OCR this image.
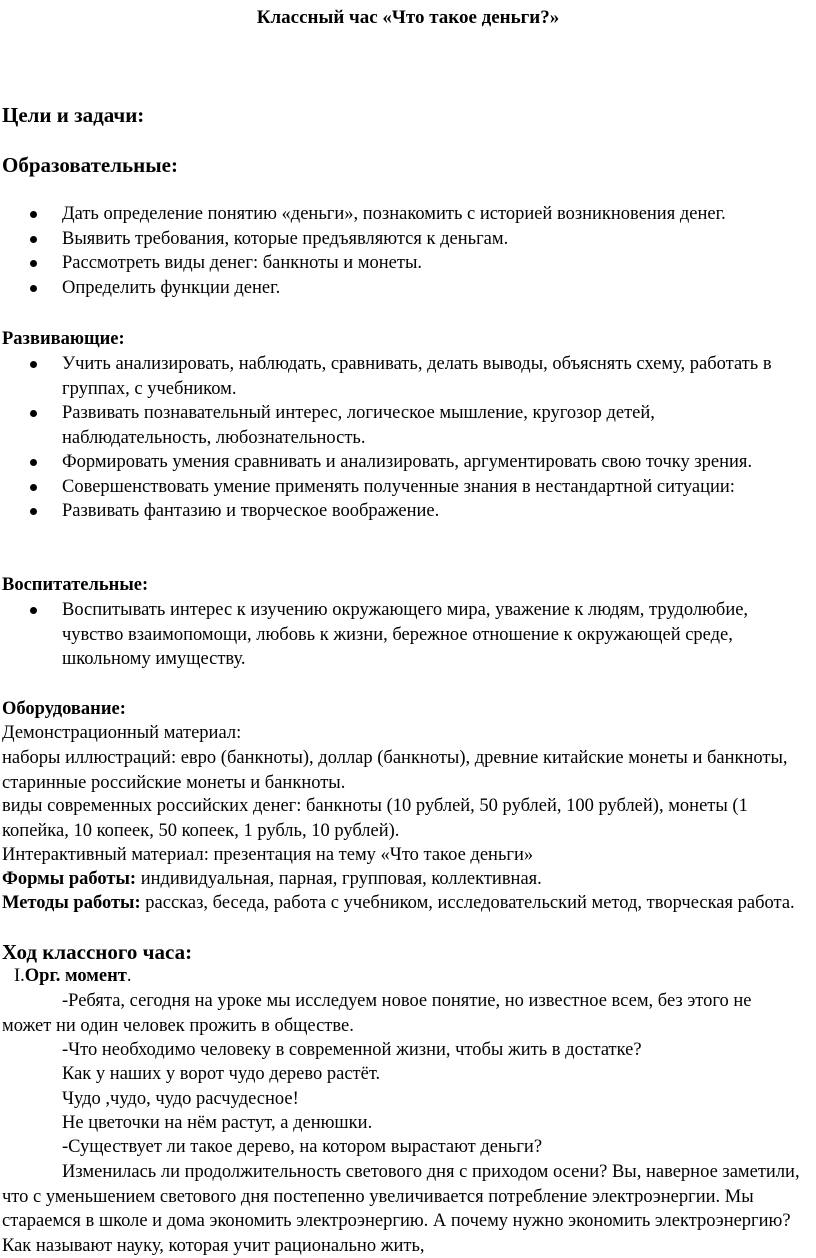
Классный час «Что такое деньги?»
Цели и задачи:
Образовательные:
Дать определение понятию «деньги», познакомить с историей возникновения денег.
Выявить требования, которые предъявляются к деньгам.
Рассмотреть виды денег: банкноты и монеты.
Определить функции денег.
Развивающие:
Учить анализировать, наблюдать, сравнивать, делать выводы, объяснять схему, работать в группах, с учебником.
Развивать познавательный интерес, логическое мышление, кругозор детей, наблюдательность, любознательность.
Формировать умения сравнивать и анализировать, аргументировать свою точку зрения.
Совершенствовать умение применять полученные знания в нестандартной ситуации:
Развивать фантазию и творческое воображение.
Воспитательные:
Воспитывать интерес к изучению окружающего мира, уважение к людям, трудолюбие, чувство взаимопомощи, любовь к жизни, бережное отношение к окружающей среде, школьному имуществу.
Оборудование:
Демонстрационный материал:
наборы иллюстраций: евро (банкноты), доллар (банкноты), древние китайские монеты и банкноты, старинные российские монеты и банкноты.
виды современных российских денег: банкноты (10 рублей, 50 рублей, 100 рублей), монеты (1 копейка, 10 копеек, 50 копеек, 1 рубль, 10 рублей).
Интерактивный материал: презентация на тему «Что такое деньги»
Формы работы: индивидуальная, парная, групповая, коллективная.
Методы работы: рассказ, беседа, работа с учебником, исследовательский метод, творческая работа.
Ход классного часа:
I.Орг. момент.
-Ребята, сегодня на уроке мы исследуем новое понятие, но известное всем, без этого не может ни один человек прожить в обществе.
-Что необходимо человеку в современной жизни, чтобы жить в достатке?
Как у наших у ворот чудо дерево растёт.
Чудо ,чудо, чудо расчудесное!
Не цветочки на нём растут, а денюшки.
-Существует ли такое дерево, на котором вырастают деньги?
Изменилась ли продолжительность светового дня с приходом осени? Вы, наверное заметили, что с уменьшением светового дня постепенно увеличивается потребление электроэнергии. Мы стараемся в школе и дома экономить электроэнергию. А почему нужно экономить электроэнергию? Как называют науку, которая учит рационально жить,
